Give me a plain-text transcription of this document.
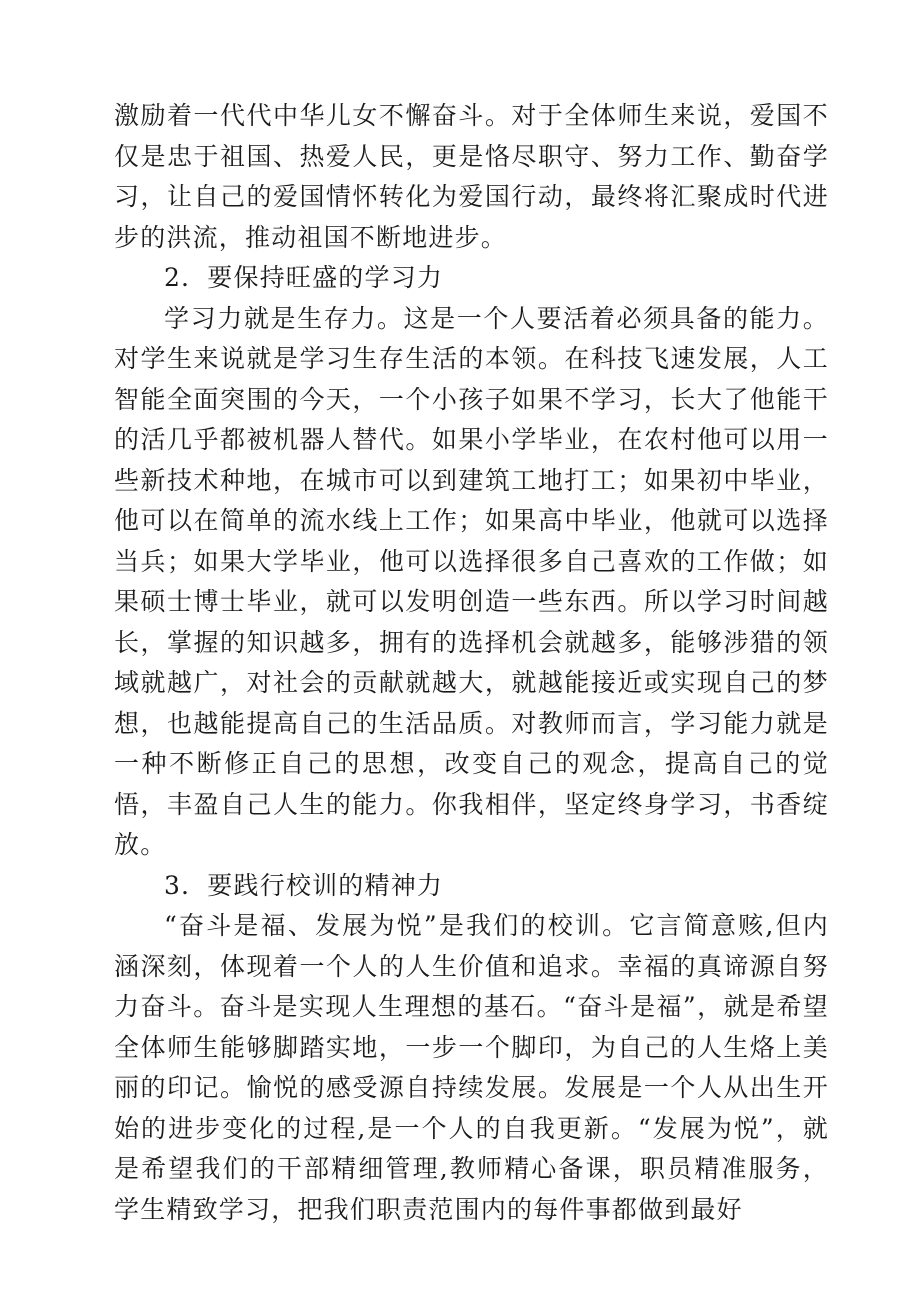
激励着一代代中华儿女不懈奋斗。对于全体师生来说，爱国不仅是忠于祖国、热爱人民，更是恪尽职守、努力工作、勤奋学习，让自己的爱国情怀转化为爱国行动，最终将汇聚成时代进步的洪流，推动祖国不断地进步。

2．要保持旺盛的学习力

学习力就是生存力。这是一个人要活着必须具备的能力。对学生来说就是学习生存生活的本领。在科技飞速发展，人工智能全面突围的今天，一个小孩子如果不学习，长大了他能干的活几乎都被机器人替代。如果小学毕业，在农村他可以用一些新技术种地，在城市可以到建筑工地打工；如果初中毕业，他可以在简单的流水线上工作；如果高中毕业，他就可以选择当兵；如果大学毕业，他可以选择很多自己喜欢的工作做；如果硕士博士毕业，就可以发明创造一些东西。所以学习时间越长，掌握的知识越多，拥有的选择机会就越多，能够涉猎的领域就越广，对社会的贡献就越大，就越能接近或实现自己的梦想，也越能提高自己的生活品质。对教师而言，学习能力就是一种不断修正自己的思想，改变自己的观念，提高自己的觉悟，丰盈自己人生的能力。你我相伴，坚定终身学习，书香绽放。

3．要践行校训的精神力

“奋斗是福、发展为悦”是我们的校训。它言简意赅,但内涵深刻，体现着一个人的人生价值和追求。幸福的真谛源自努力奋斗。奋斗是实现人生理想的基石。“奋斗是福”，就是希望全体师生能够脚踏实地，一步一个脚印，为自己的人生烙上美丽的印记。愉悦的感受源自持续发展。发展是一个人从出生开始的进步变化的过程,是一个人的自我更新。“发展为悦”，就是希望我们的干部精细管理,教师精心备课，职员精准服务，学生精致学习，把我们职责范围内的每件事都做到最好
